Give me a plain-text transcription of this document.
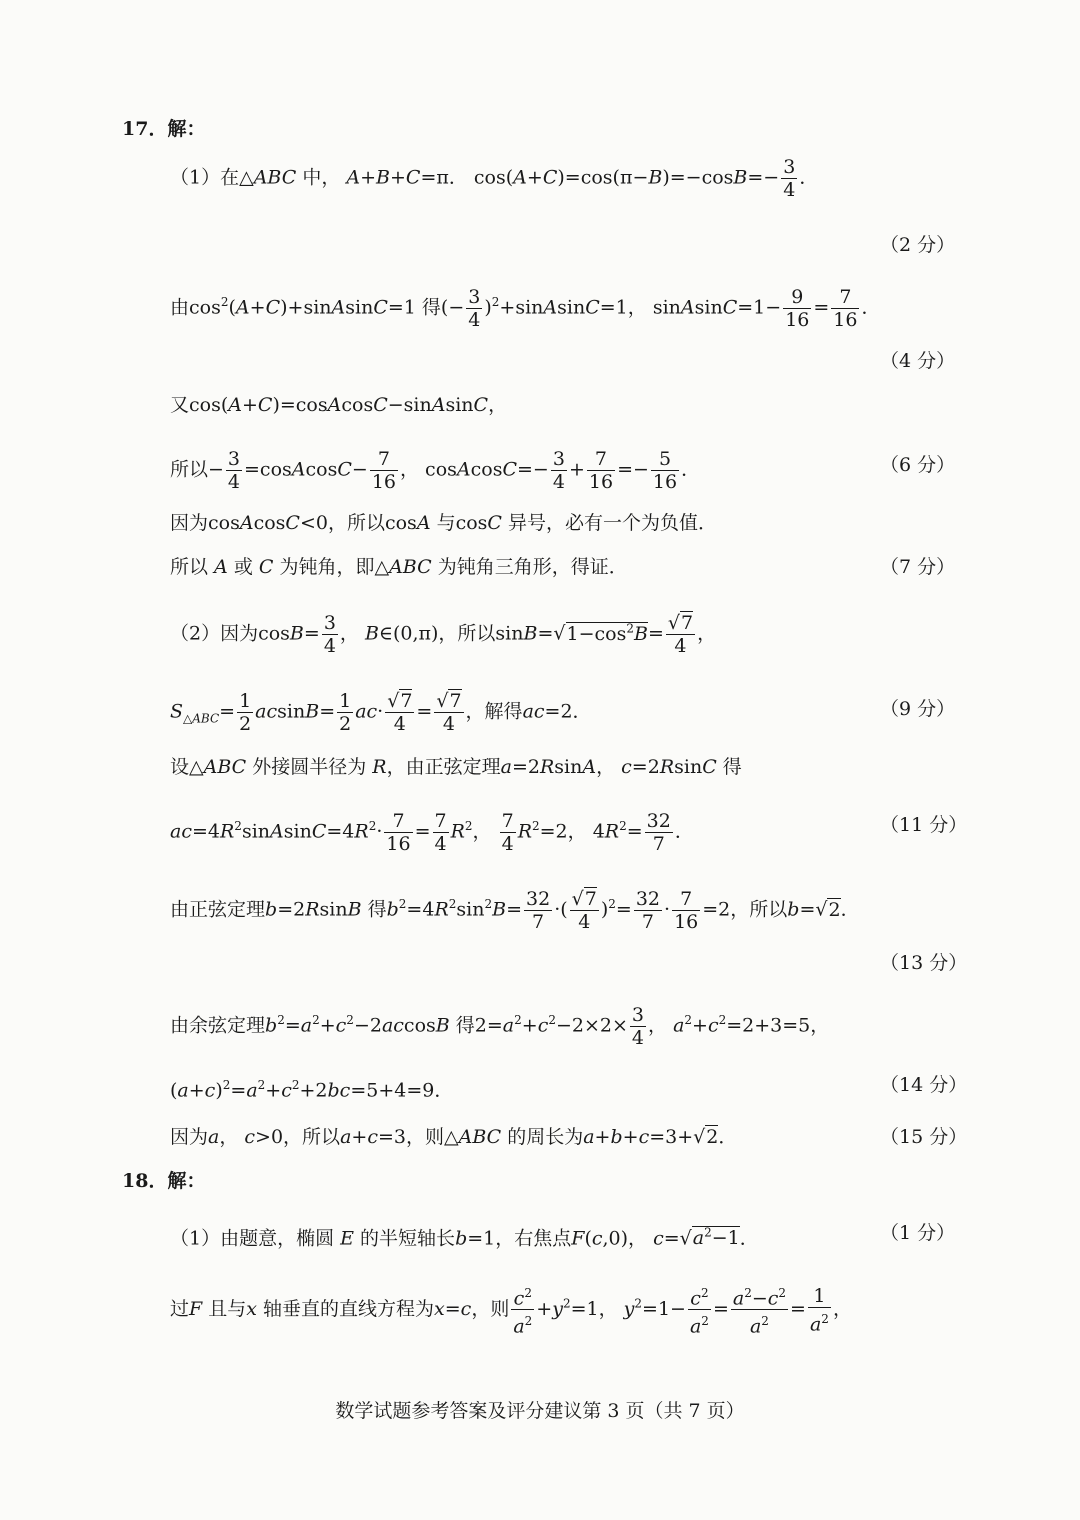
17．解：
（1）在△ABC 中， A+B+C=π． $\cos(A+C)=\cos(\pi-B)=-\cos B=- \frac{3}{4}$ ．
（2 分）
由$\cos^2(A+C)+sinAsinC=1$ 得(− $\frac{3}{4}$ )$^2$+sinAsinC=1， sinAsinC=1− $\frac{9}{16} = \frac{7}{16}$ ．
（4 分）
又cos(A+C)=cosAcosC−sinAsinC，
所以− $\frac{3}{4}$ =cosAcosC− $\frac{7}{16}$ ， cosAcosC=− $\frac{3}{4} + \frac{7}{16} =- \frac{5}{16}$ ．	（6 分）
因为cosAcosC<0，所以cosA 与cosC 异号，必有一个为负值．
所以 A 或 C 为钝角，即△ABC 为钝角三角形，得证．	（7 分）
（2）因为$\cos B= \frac{3}{4}$ ， B∈(0,π)，所以$\sin B=√1-\cos^2B= \frac{√7}{4}$ ，
$S_{\triangle ABC}= \frac{1}{2} acsinB= \frac{1}{2} ac\cdot \frac{√7}{4} = \frac{√7}{4}$ ，解得ac=2．	（9 分）
设△ABC 外接圆半径为 R，由正弦定理a=2RsinA， c=2RsinC 得
$ac=4R^2sinAsinC=4R^2\cdot \frac{7}{16} = \frac{7}{4} R^2$， $\frac{7}{4} R^2=2$， $4R^2= \frac{32}{7}$ ．	（11 分）
由正弦定理b=2RsinB 得$b^2=4R^2\sin^2B= \frac{32}{7}$ ·( $\frac{√7}{4} )^2= \frac{32}{7} \cdot \frac{7}{16} =2$，所以b=√2．
（13 分）
由余弦定理$b^2=a^2+c^2-2accosB$ 得$2=a^2+c^2-2\times 2\times \frac{3}{4}$ ， $a^2+c^2=2+3=5$，
$(a+c)^2=a^2+c^2+2bc=5+4=9$．	（14 分）
因为a， c>0，所以a+c=3，则△ABC 的周长为a+b+c=3+√2．	（15 分）
18．解：
（1）由题意，椭圆 E 的半短轴长b=1，右焦点F(c,0)， $c=√a^2-1$．	（1 分）
过F 且与x 轴垂直的直线方程为x=c，则 $\frac{c^2}{a^2} +y^2=1$， $y^2=1- \frac{c^2}{a^2} = \frac{a^2-c^2}{a^2} = \frac{1}{a^2}$ ，
数学试题参考答案及评分建议第 3 页（共 7 页）
